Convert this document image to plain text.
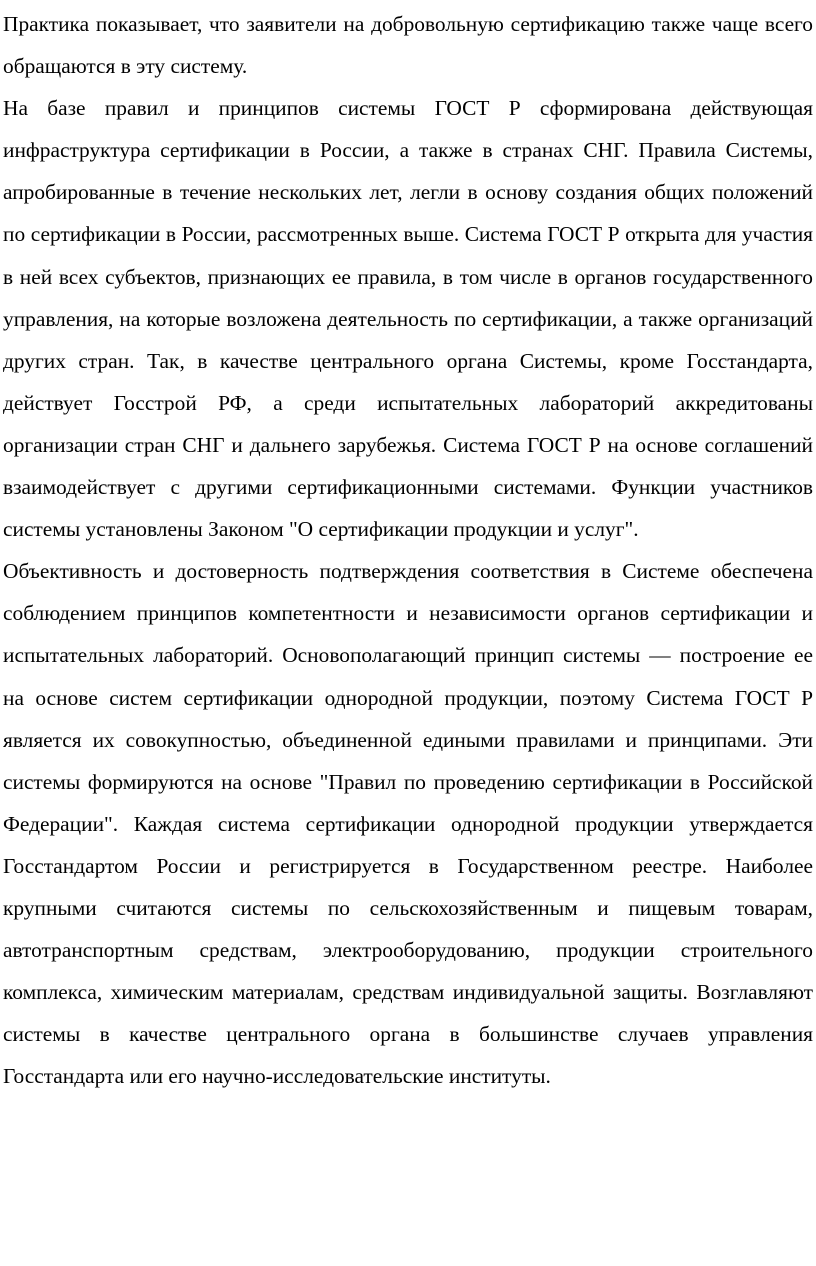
Практика показывает, что заявители на добровольную сертификацию также чаще всего обращаются в эту систему.

На базе правил и принципов системы ГОСТ Р сформирована действующая инфраструктура сертификации в России, а также в странах СНГ. Правила Системы, апробированные в течение нескольких лет, легли в основу создания общих положений по сертификации в России, рассмотренных выше. Система ГОСТ Р открыта для участия в ней всех субъектов, признающих ее правила, в том числе в органов государственного управления, на которые возложена деятельность по сертификации, а также организаций других стран. Так, в качестве центрального органа Системы, кроме Госстандарта, действует Госстрой РФ, а среди испытательных лабораторий аккредитованы организации стран СНГ и дальнего зарубежья. Система ГОСТ Р на основе соглашений взаимодействует с другими сертификационными системами. Функции участников системы установлены Законом "О сертификации продукции и услуг".

Объективность и достоверность подтверждения соответствия в Системе обеспечена соблюдением принципов компетентности и независимости органов сертификации и испытательных лабораторий. Основополагающий принцип системы — построение ее на основе систем сертификации однородной продукции, поэтому Система ГОСТ Р является их совокупностью, объединенной едиными правилами и принципами. Эти системы формируются на основе "Правил по проведению сертификации в Российской Федерации". Каждая система сертификации однородной продукции утверждается Госстандартом России и регистрируется в Государственном реестре. Наиболее крупными считаются системы по сельскохозяйственным и пищевым товарам, автотранспортным средствам, электрооборудованию, продукции строительного комплекса, химическим материалам, средствам индивидуальной защиты. Возглавляют системы в качестве центрального органа в большинстве случаев управления Госстандарта или его научно-исследовательские институты.
